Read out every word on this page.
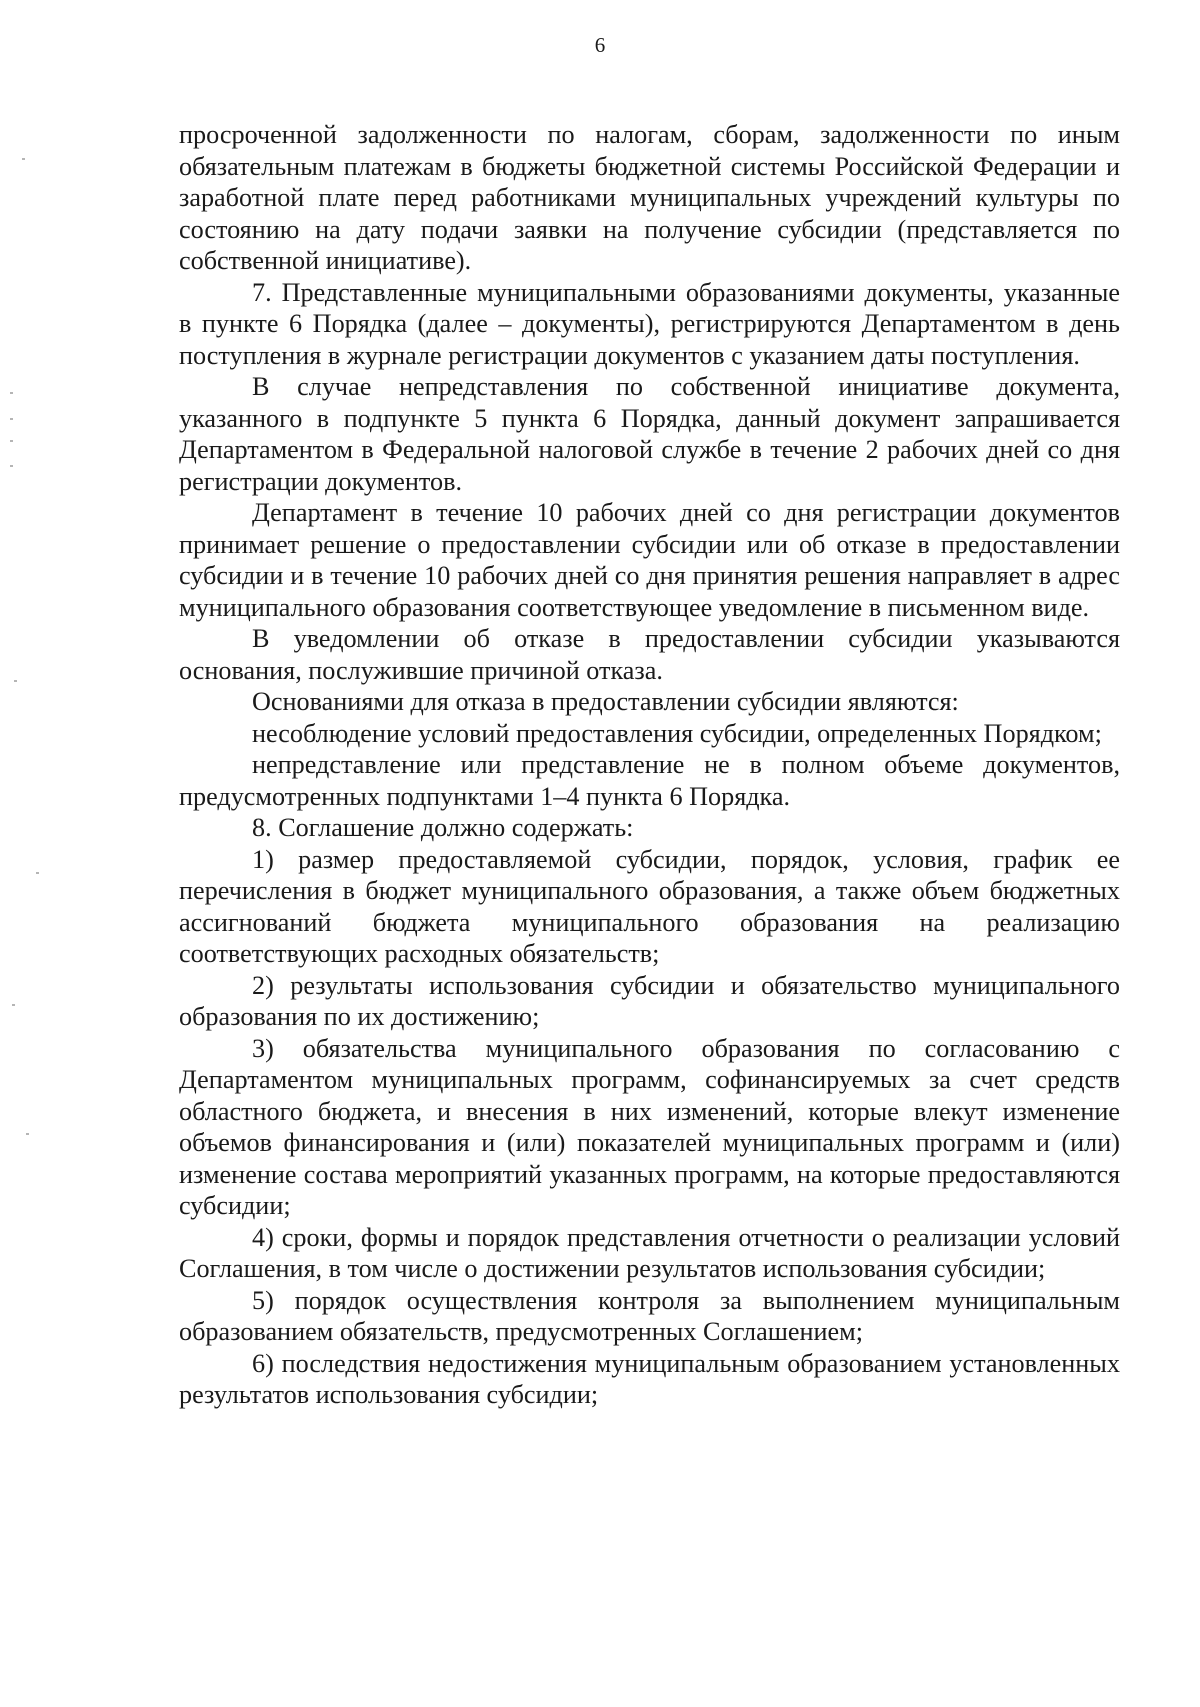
6

просроченной задолженности по налогам, сборам, задолженности по иным обязательным платежам в бюджеты бюджетной системы Российской Федерации и заработной плате перед работниками муниципальных учреждений культуры по состоянию на дату подачи заявки на получение субсидии (представляется по собственной инициативе).

7. Представленные муниципальными образованиями документы, указанные в пункте 6 Порядка (далее – документы), регистрируются Департаментом в день поступления в журнале регистрации документов с указанием даты поступления.

В случае непредставления по собственной инициативе документа, указанного в подпункте 5 пункта 6 Порядка, данный документ запрашивается Департаментом в Федеральной налоговой службе в течение 2 рабочих дней со дня регистрации документов.

Департамент в течение 10 рабочих дней со дня регистрации документов принимает решение о предоставлении субсидии или об отказе в предоставлении субсидии и в течение 10 рабочих дней со дня принятия решения направляет в адрес муниципального образования соответствующее уведомление в письменном виде.

В уведомлении об отказе в предоставлении субсидии указываются основания, послужившие причиной отказа.

Основаниями для отказа в предоставлении субсидии являются:

несоблюдение условий предоставления субсидии, определенных Порядком;

непредставление или представление не в полном объеме документов, предусмотренных подпунктами 1–4 пункта 6 Порядка.

8. Соглашение должно содержать:

1) размер предоставляемой субсидии, порядок, условия, график ее перечисления в бюджет муниципального образования, а также объем бюджетных ассигнований бюджета муниципального образования на реализацию соответствующих расходных обязательств;

2) результаты использования субсидии и обязательство муниципального образования по их достижению;

3) обязательства муниципального образования по согласованию с Департаментом муниципальных программ, софинансируемых за счет средств областного бюджета, и внесения в них изменений, которые влекут изменение объемов финансирования и (или) показателей муниципальных программ и (или) изменение состава мероприятий указанных программ, на которые предоставляются субсидии;

4) сроки, формы и порядок представления отчетности о реализации условий Соглашения, в том числе о достижении результатов использования субсидии;

5) порядок осуществления контроля за выполнением муниципальным образованием обязательств, предусмотренных Соглашением;

6) последствия недостижения муниципальным образованием установленных результатов использования субсидии;
